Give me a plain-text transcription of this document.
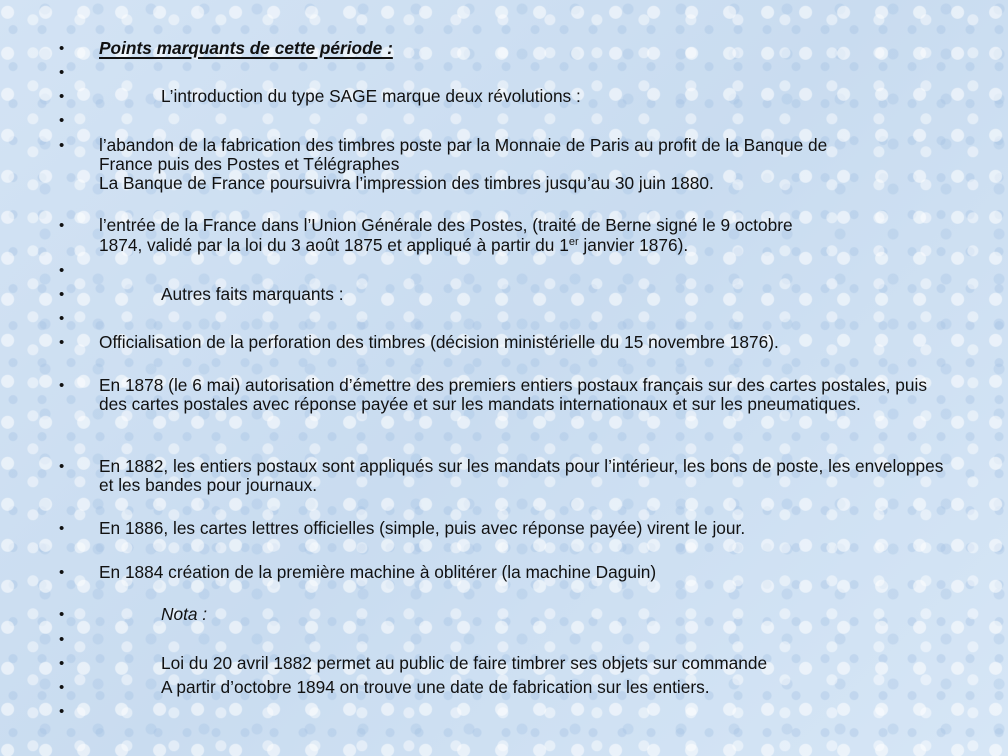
• Points marquants de cette période :
•
•	L’introduction du type SAGE marque deux révolutions :
•
• l’abandon de la fabrication des timbres poste par la Monnaie de Paris au profit de la Banque de
France puis des Postes et Télégraphes
La Banque de France poursuivra l’impression des timbres jusqu’au 30 juin 1880.
• l’entrée de la France dans l’Union Générale des Postes, (traité de Berne signé le 9 octobre
1874, validé par la loi du 3 août 1875 et appliqué à partir du 1er janvier 1876).
•
•	Autres faits marquants :
•
• Officialisation de la perforation des timbres (décision ministérielle du 15 novembre 1876).
• En 1878 (le 6 mai) autorisation d’émettre des premiers entiers postaux français sur des cartes postales, puis des cartes postales avec réponse payée et sur les mandats internationaux et sur les pneumatiques.
• En 1882, les entiers postaux sont appliqués sur les mandats pour l’intérieur, les bons de poste, les enveloppes et les bandes pour journaux.
• En 1886, les cartes lettres officielles (simple, puis avec réponse payée) virent le jour.
• En 1884 création de la première machine à oblitérer (la machine Daguin)
•	Nota :
•
•	Loi du 20 avril 1882 permet au public de faire timbrer ses objets sur commande
•	A partir d’octobre 1894 on trouve une date de fabrication sur les entiers.
•
